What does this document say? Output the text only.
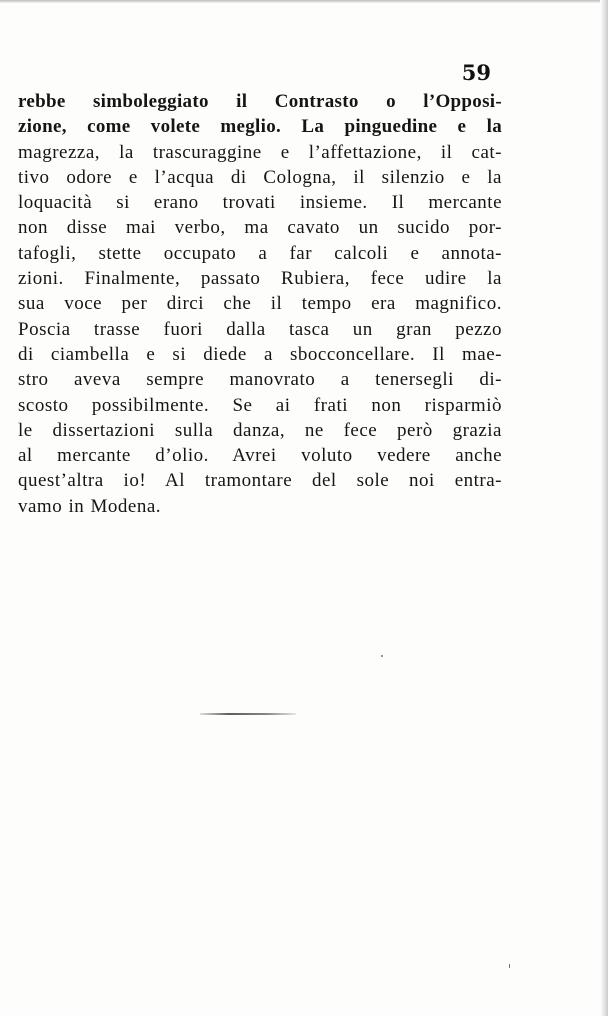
59
rebbe simboleggiato il Contrasto o l’Opposi-
zione, come volete meglio. La pinguedine e la
magrezza, la trascuraggine e l’affettazione, il cat-
tivo odore e l’acqua di Cologna, il silenzio e la
loquacità si erano trovati insieme. Il mercante
non disse mai verbo, ma cavato un sucido por-
tafogli, stette occupato a far calcoli e annota-
zioni. Finalmente, passato Rubiera, fece udire la
sua voce per dirci che il tempo era magnifico.
Poscia trasse fuori dalla tasca un gran pezzo
di ciambella e si diede a sbocconcellare. Il mae-
stro aveva sempre manovrato a tenersegli di-
scosto possibilmente. Se ai frati non risparmiò
le dissertazioni sulla danza, ne fece però grazia
al mercante d’olio. Avrei voluto vedere anche
quest’altra io! Al tramontare del sole noi entra-
vamo in Modena.
